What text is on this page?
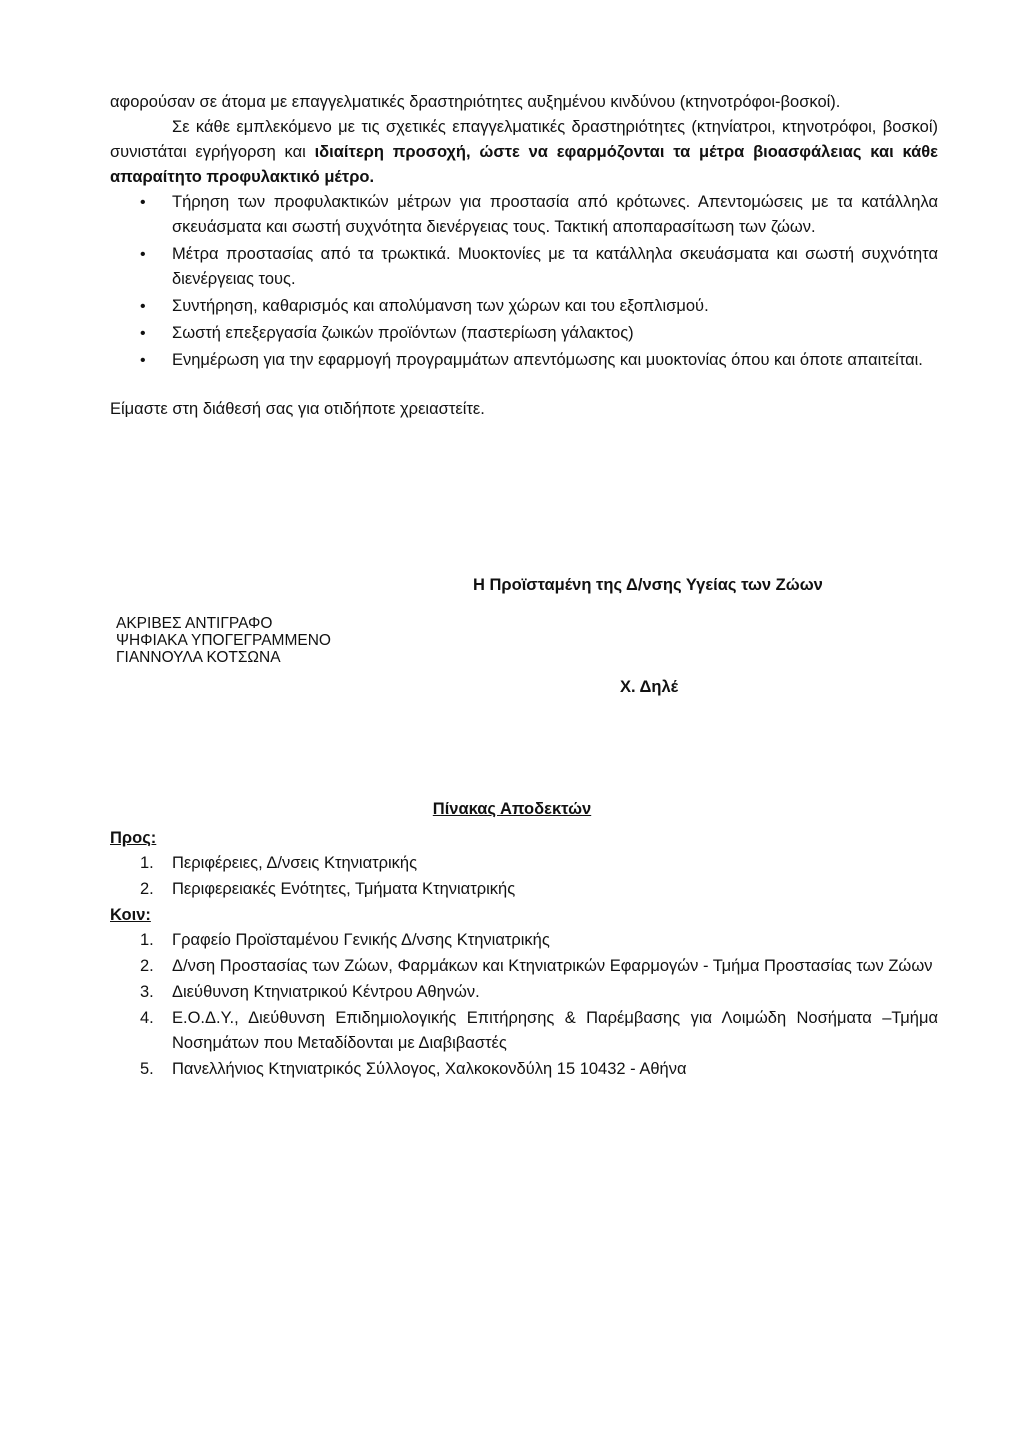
αφορούσαν σε άτομα με επαγγελματικές δραστηριότητες αυξημένου κινδύνου (κτηνοτρόφοι-βοσκοί).

Σε κάθε εμπλεκόμενο με τις σχετικές επαγγελματικές δραστηριότητες (κτηνίατροι, κτηνοτρόφοι, βοσκοί) συνιστάται εγρήγορση και ιδιαίτερη προσοχή, ώστε να εφαρμόζονται τα μέτρα βιοασφάλειας και κάθε απαραίτητο προφυλακτικό μέτρο.

•	Τήρηση των προφυλακτικών μέτρων για προστασία από κρότωνες. Απεντομώσεις με τα κατάλληλα σκευάσματα και σωστή συχνότητα διενέργειας τους. Τακτική αποπαρασίτωση των ζώων.
•	Μέτρα προστασίας από τα τρωκτικά. Μυοκτονίες με τα κατάλληλα σκευάσματα και σωστή συχνότητα διενέργειας τους.
•	Συντήρηση, καθαρισμός και απολύμανση των χώρων και του εξοπλισμού.
•	Σωστή επεξεργασία ζωικών προϊόντων (παστερίωση γάλακτος)
•	Ενημέρωση για την εφαρμογή προγραμμάτων απεντόμωσης και μυοκτονίας όπου και όποτε απαιτείται.

Είμαστε στη διάθεσή σας για οτιδήποτε χρειαστείτε.

Η Προϊσταμένη της Δ/νσης Υγείας των Ζώων
ΑΚΡΙΒΕΣ ΑΝΤΙΓΡΑΦΟ
ΨΗΦΙΑΚΑ ΥΠΟΓΕΓΡΑΜΜΕΝΟ
ΓΙΑΝΝΟΥΛΑ ΚΟΤΣΩΝΑ
Χ. Δηλέ
Πίνακας Αποδεκτών
Προς:
1. Περιφέρειες, Δ/νσεις Κτηνιατρικής
2. Περιφερειακές Ενότητες, Τμήματα Κτηνιατρικής
Κοιν:
1. Γραφείο Προϊσταμένου Γενικής Δ/νσης Κτηνιατρικής
2. Δ/νση Προστασίας των Ζώων, Φαρμάκων και Κτηνιατρικών Εφαρμογών - Τμήμα Προστασίας των Ζώων
3. Διεύθυνση Κτηνιατρικού Κέντρου Αθηνών.
4. Ε.Ο.Δ.Υ., Διεύθυνση Επιδημιολογικής Επιτήρησης & Παρέμβασης για Λοιμώδη Νοσήματα –Τμήμα Νοσημάτων που Μεταδίδονται με Διαβιβαστές
5. Πανελλήνιος Κτηνιατρικός Σύλλογος, Χαλκοκονδύλη 15 10432 - Αθήνα
